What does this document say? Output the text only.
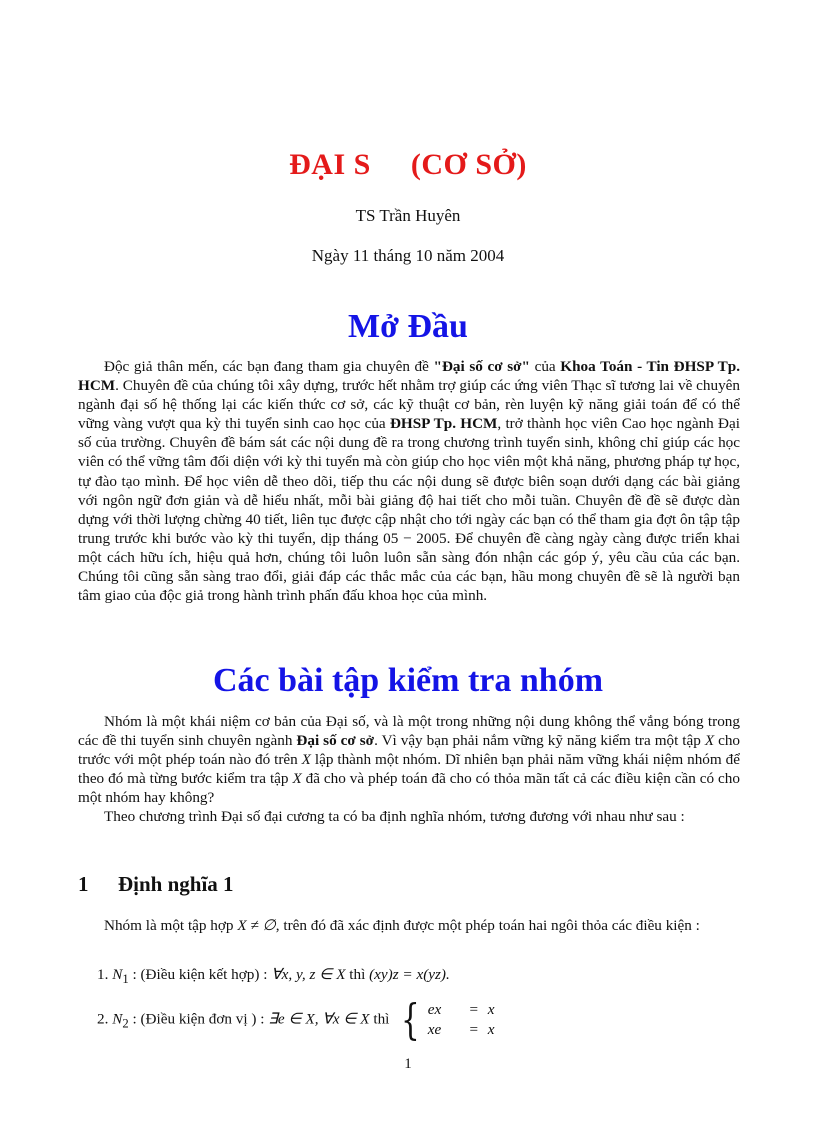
ĐẠI S (CƠ SỞ)
TS Trần Huyên
Ngày 11 tháng 10 năm 2004
Mở Đầu

Độc giả thân mến, các bạn đang tham gia chuyên đề "Đại số cơ sở" của Khoa Toán - Tin ĐHSP Tp. HCM. Chuyên đề của chúng tôi xây dựng, trước hết nhằm trợ giúp các ứng viên Thạc sĩ tương lai về chuyên ngành đại số hệ thống lại các kiến thức cơ sở, các kỹ thuật cơ bản, rèn luyện kỹ năng giải toán để có thể vững vàng vượt qua kỳ thi tuyển sinh cao học của ĐHSP Tp. HCM, trở thành học viên Cao học ngành Đại số của trường. Chuyên đề bám sát các nội dung đề ra trong chương trình tuyển sinh, không chỉ giúp các học viên có thể vững tâm đối diện với kỳ thi tuyển mà còn giúp cho học viên một khả năng, phương pháp tự học, tự đào tạo mình. Để học viên dễ theo dõi, tiếp thu các nội dung sẽ được biên soạn dưới dạng các bài giảng với ngôn ngữ đơn giản và dễ hiểu nhất, mỗi bài giảng độ hai tiết cho mỗi tuần. Chuyên đề đề sẽ được dàn dựng với thời lượng chừng 40 tiết, liên tục được cập nhật cho tới ngày các bạn có thể tham gia đợt ôn tập tập trung trước khi bước vào kỳ thi tuyển, dịp tháng 05 − 2005. Để chuyên đề càng ngày càng được triển khai một cách hữu ích, hiệu quả hơn, chúng tôi luôn luôn sẵn sàng đón nhận các góp ý, yêu cầu của các bạn. Chúng tôi cũng sẵn sàng trao đổi, giải đáp các thắc mắc của các bạn, hầu mong chuyên đề sẽ là người bạn tâm giao của độc giả trong hành trình phấn đấu khoa học của mình.

Các bài tập kiểm tra nhóm

Nhóm là một khái niệm cơ bản của Đại số, và là một trong những nội dung không thể vắng bóng trong các đề thi tuyển sinh chuyên ngành Đại số cơ sở. Vì vậy bạn phải nắm vững kỹ năng kiểm tra một tập X cho trước với một phép toán nào đó trên X lập thành một nhóm. Dĩ nhiên bạn phải năm vững khái niệm nhóm để theo đó mà từng bước kiểm tra tập X đã cho và phép toán đã cho có thỏa mãn tất cả các điều kiện cần có cho một nhóm hay không?

Theo chương trình Đại số đại cương ta có ba định nghĩa nhóm, tương đương với nhau như sau :

1 Định nghĩa 1

Nhóm là một tập hợp X ≠ ∅, trên đó đã xác định được một phép toán hai ngôi thỏa các điều kiện :

1. $N_1$ : (Điều kiện kết hợp) : ∀x, y, z ∈ X thì (xy)z = x(yz).
2. $N_2$ : (Điều kiện đơn vị ) : ∃e ∈ X, ∀x ∈ X thì { ex = x
xe = x
1
